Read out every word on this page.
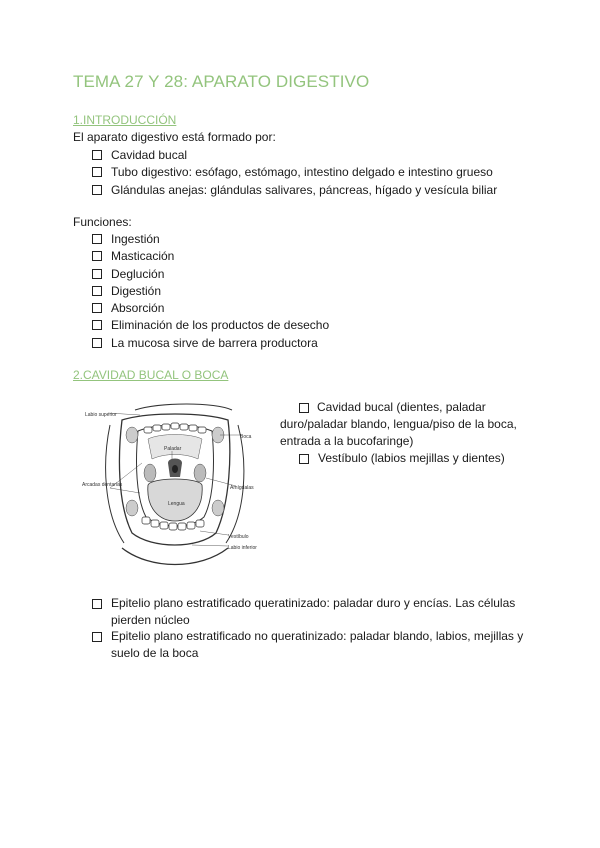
TEMA 27 Y 28: APARATO DIGESTIVO
1.INTRODUCCIÓN

El aparato digestivo está formado por:

Cavidad bucal
Tubo digestivo: esófago, estómago, intestino delgado e intestino grueso
Glándulas anejas: glándulas salivares, páncreas, hígado y vesícula biliar

Funciones:

Ingestión
Masticación
Deglución
Digestión
Absorción
Eliminación de los productos de desecho
La mucosa sirve de barrera productora
2.CAVIDAD BUCAL O BOCA
Labio superior
Boca
Paladar
Arcadas dentarias	Amígdalas
Lengua
Vestíbulo
Labio inferior
Cavidad bucal (dientes, paladar duro/paladar blando, lengua/piso de la boca, entrada a la bucofaringe)
Vestíbulo (labios mejillas y dientes)
Epitelio plano estratificado queratinizado: paladar duro y encías. Las células pierden núcleo
Epitelio plano estratificado no queratinizado: paladar blando, labios, mejillas y suelo de la boca
